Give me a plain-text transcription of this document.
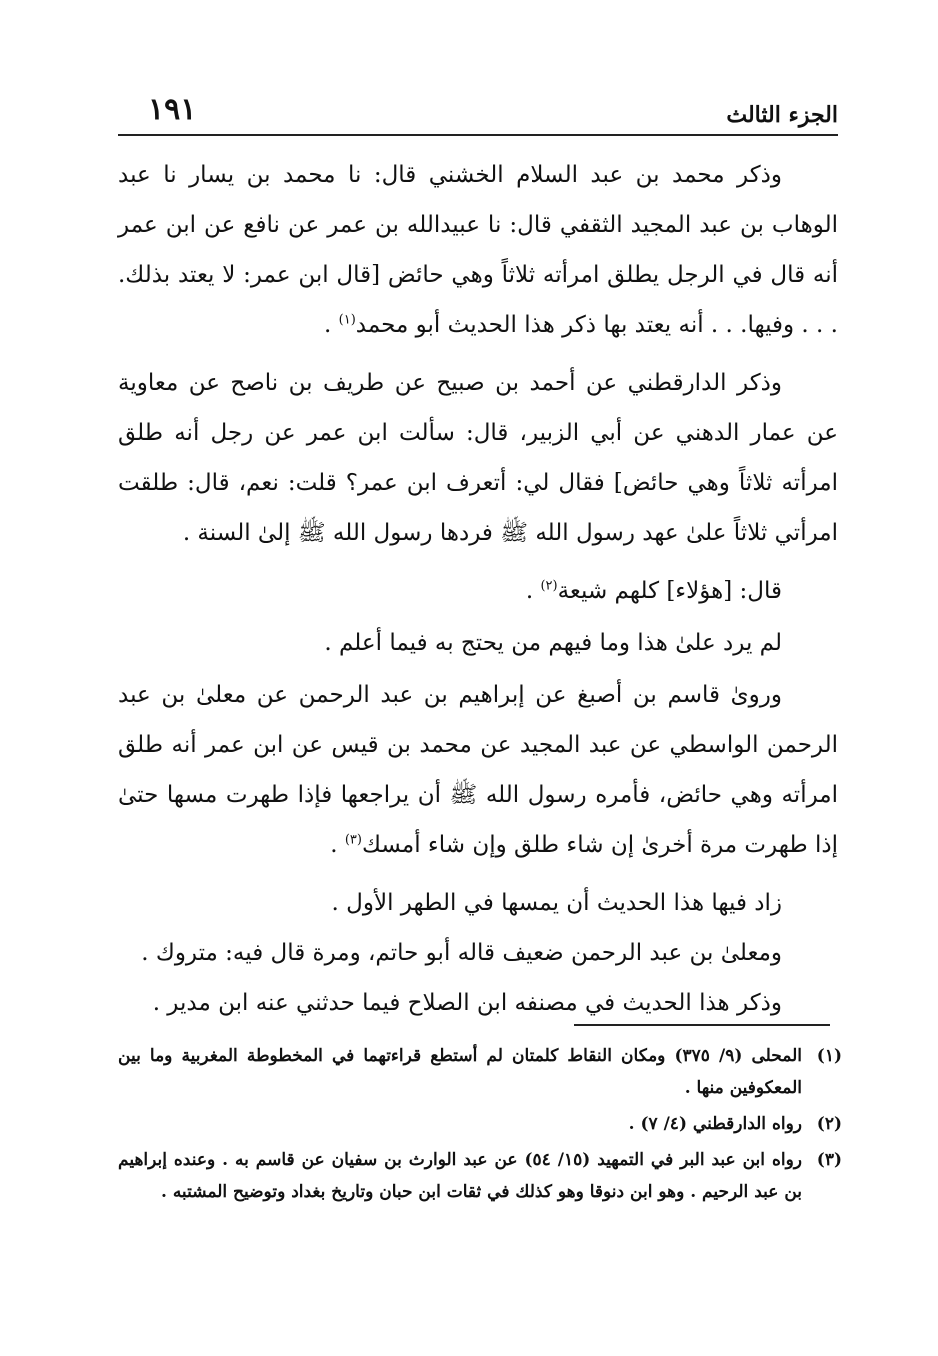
الجزء الثالث
١٩١

وذكر محمد بن عبد السلام الخشني قال: نا محمد بن يسار نا عبد الوهاب بن عبد المجيد الثقفي قال: نا عبيدالله بن عمر عن نافع عن ابن عمر أنه قال في الرجل يطلق امرأته ثلاثاً وهي حائض [قال ابن عمر: لا يعتد بذلك. . . . وفيها. . . أنه يعتد بها ذكر هذا الحديث أبو محمد$^{(١)}$ .

وذكر الدارقطني عن أحمد بن صبيح عن طريف بن ناصح عن معاوية عن عمار الدهني عن أبي الزبير، قال: سألت ابن عمر عن رجل أنه طلق امرأته ثلاثاً وهي حائض] فقال لي: أتعرف ابن عمر؟ قلت: نعم، قال: طلقت امرأتي ثلاثاً علىٰ عهد رسول الله ﷺ فردها رسول الله ﷺ إلىٰ السنة .

قال: [هؤلاء] كلهم شيعة$^{(٢)}$ .

لم يرد علىٰ هذا وما فيهم من يحتج به فيما أعلم .

وروىٰ قاسم بن أصبغ عن إبراهيم بن عبد الرحمن عن معلىٰ بن عبد الرحمن الواسطي عن عبد المجيد عن محمد بن قيس عن ابن عمر أنه طلق امرأته وهي حائض، فأمره رسول الله ﷺ أن يراجعها فإذا طهرت مسها حتىٰ إذا طهرت مرة أخرىٰ إن شاء طلق وإن شاء أمسك$^{(٣)}$ .

زاد فيها هذا الحديث أن يمسها في الطهر الأول .

ومعلىٰ بن عبد الرحمن ضعيف قاله أبو حاتم، ومرة قال فيه: متروك .

وذكر هذا الحديث في مصنفه ابن الصلاح فيما حدثني عنه ابن مدير .

(١)
المحلى (٩/ ٣٧٥) ومكان النقاط كلمتان لم أستطع قراءتهما في المخطوطة المغربية وما بين المعكوفين منها .
(٢)
رواه الدارقطني (٤/ ٧) .
(٣)
رواه ابن عبد البر في التمهيد (١٥/ ٥٤) عن عبد الوارث بن سفيان عن قاسم به . وعنده إبراهيم بن عبد الرحيم . وهو ابن دنوقا وهو كذلك في ثقات ابن حبان وتاريخ بغداد وتوضيح المشتبه .
